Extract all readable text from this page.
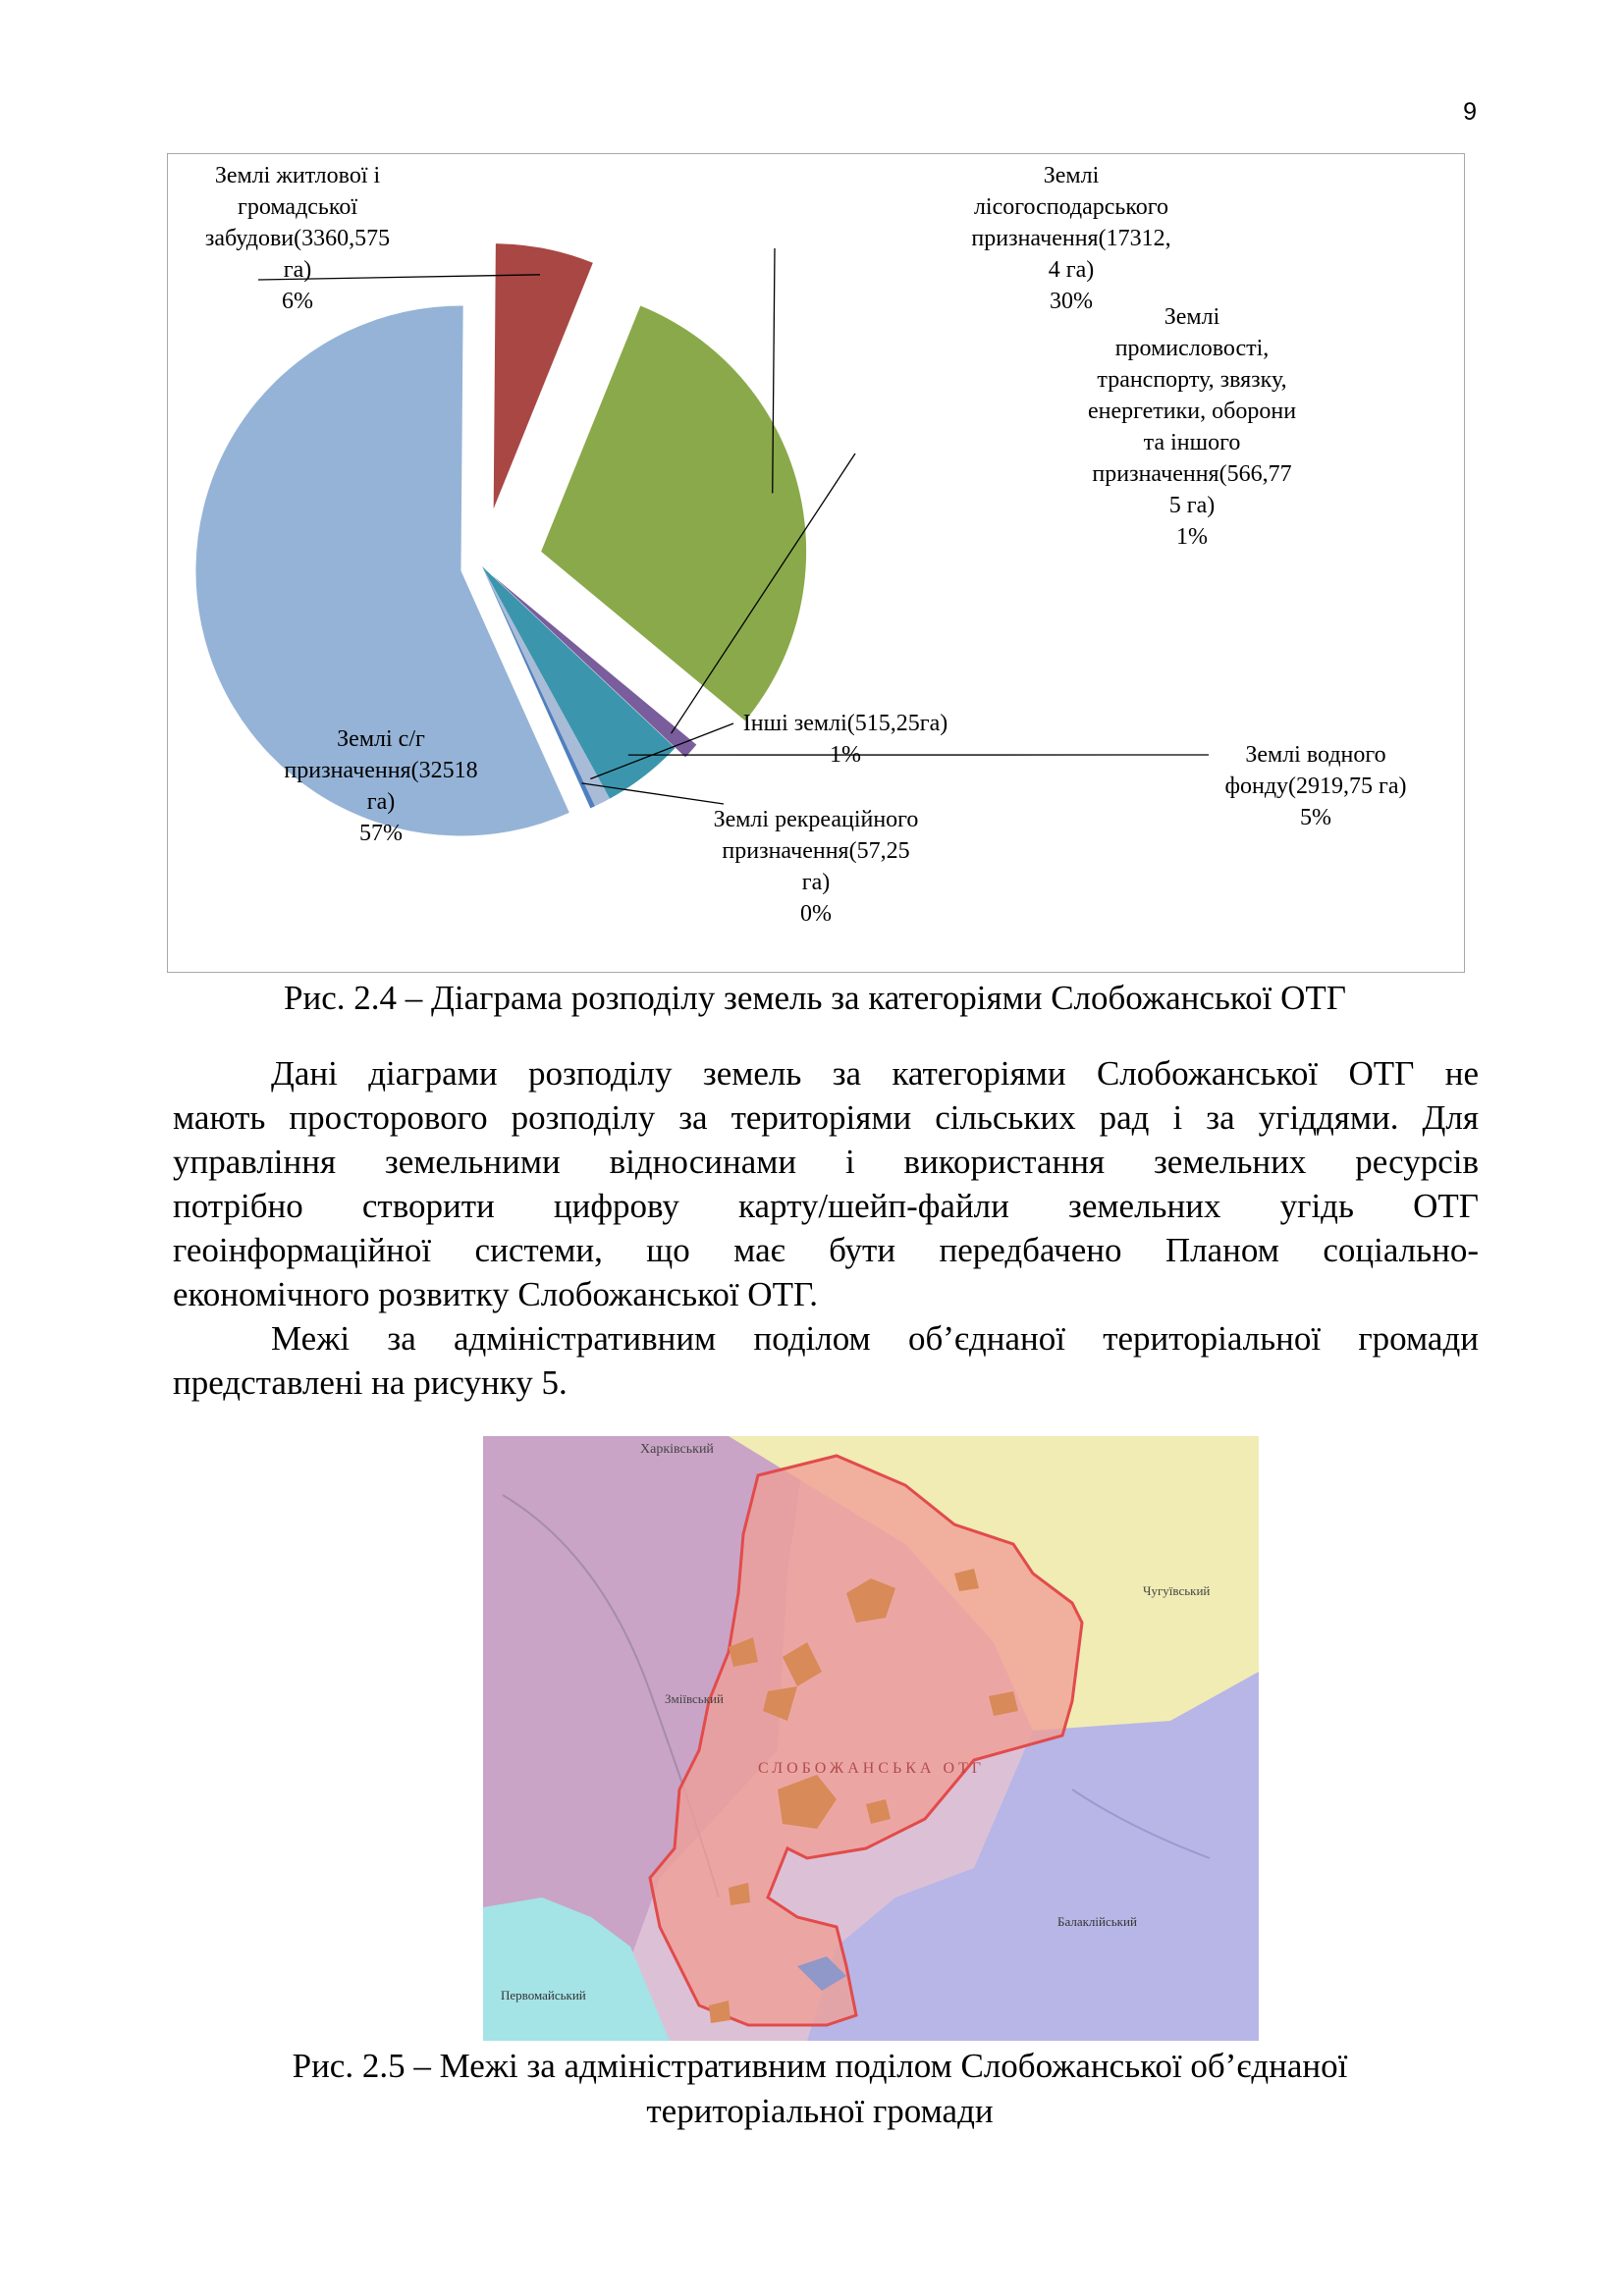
9
Землі житлової і
громадської
забудови(3360,575
га)
6%
Землі
лісогосподарського
призначення(17312,
4 га)
30%
Землі
промисловості,
транспорту, звязку,
енергетики, оборони
та іншого
призначення(566,77
5 га)
1%
Землі с/г
призначення(32518
га)
57%
Інші землі(515,25га)
1%	Землі водного
фонду(2919,75 га)
5%
Землі рекреаційного
призначення(57,25
га)
0%
Рис. 2.4 – Діаграма розподілу земель за категоріями Слобожанської ОТГ
Дані діаграми розподілу земель за категоріями Слобожанської ОТГ не
мають просторового розподілу за територіями сільських рад і за угіддями. Для
управління земельними відносинами і використання земельних ресурсів
потрібно створити цифрову карту/шейп-файли земельних угідь ОТГ
геоінформаційної системи, що має бути передбачено Планом соціально-
економічного розвитку Слобожанської ОТГ.
Межі за адміністративним поділом об’єднаної територіальної громади
представлені на рисунку 5.
Харківський
Чугуївський
Зміївський
СЛОБОЖАНСЬКА ОТГ
Балаклійський
Первомайський
Рис. 2.5 – Межі за адміністративним поділом Слобожанської об’єднаної
територіальної громади
